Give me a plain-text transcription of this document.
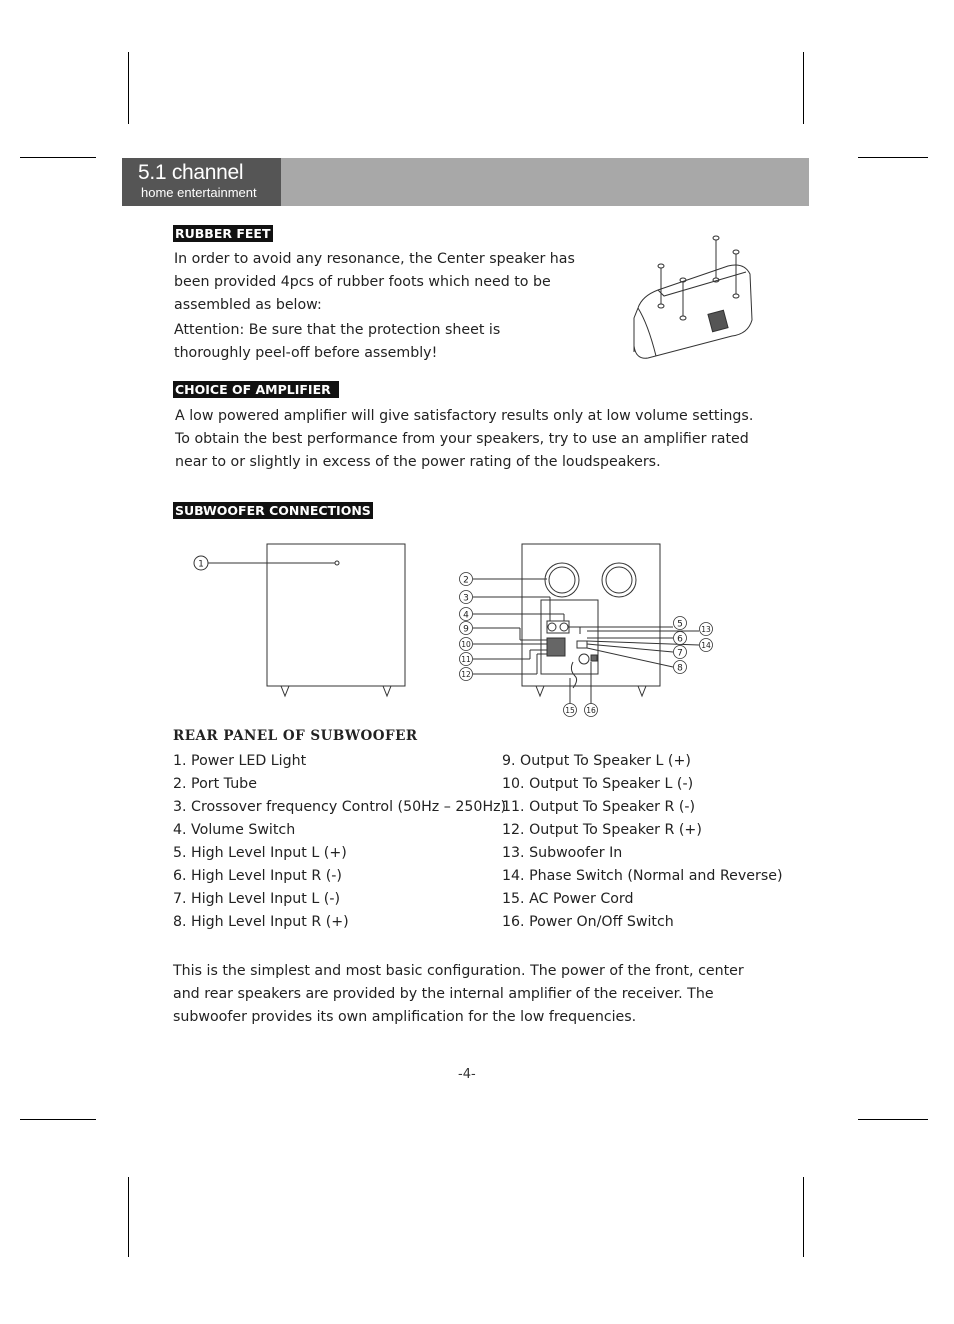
5.1 channel
home entertainment
RUBBER FEET

In order to avoid any resonance, the Center speaker has been provided 4pcs of rubber foots which need to be assembled as below:

Attention: Be sure that the protection sheet is thoroughly peel-off before assembly!

CHOICE OF AMPLIFIER

A low powered amplifier will give satisfactory results only at low volume settings. To obtain the best performance from your speakers, try to use an amplifier rated near to or slightly in excess of the power rating of the loudspeakers.

SUBWOOFER CONNECTIONS
1
2
3
4
9
10
11
12
5
6
7
8
13
14
15 16
REAR PANEL OF SUBWOOFER
1. Power LED Light
2. Port Tube
3. Crossover frequency Control (50Hz – 250Hz)
4. Volume Switch
5. High Level Input L (+)
6. High Level Input R (-)
7. High Level Input L (-)
8. High Level Input R (+)
9. Output To Speaker L (+)
10. Output To Speaker L (-)
11. Output To Speaker R (-)
12. Output To Speaker R (+)
13. Subwoofer In
14. Phase Switch (Normal and Reverse)
15. AC Power Cord
16. Power On/Off Switch

This is the simplest and most basic configuration. The power of the front, center and rear speakers are provided by the internal amplifier of the receiver. The subwoofer provides its own amplification for the low frequencies.

-4-
